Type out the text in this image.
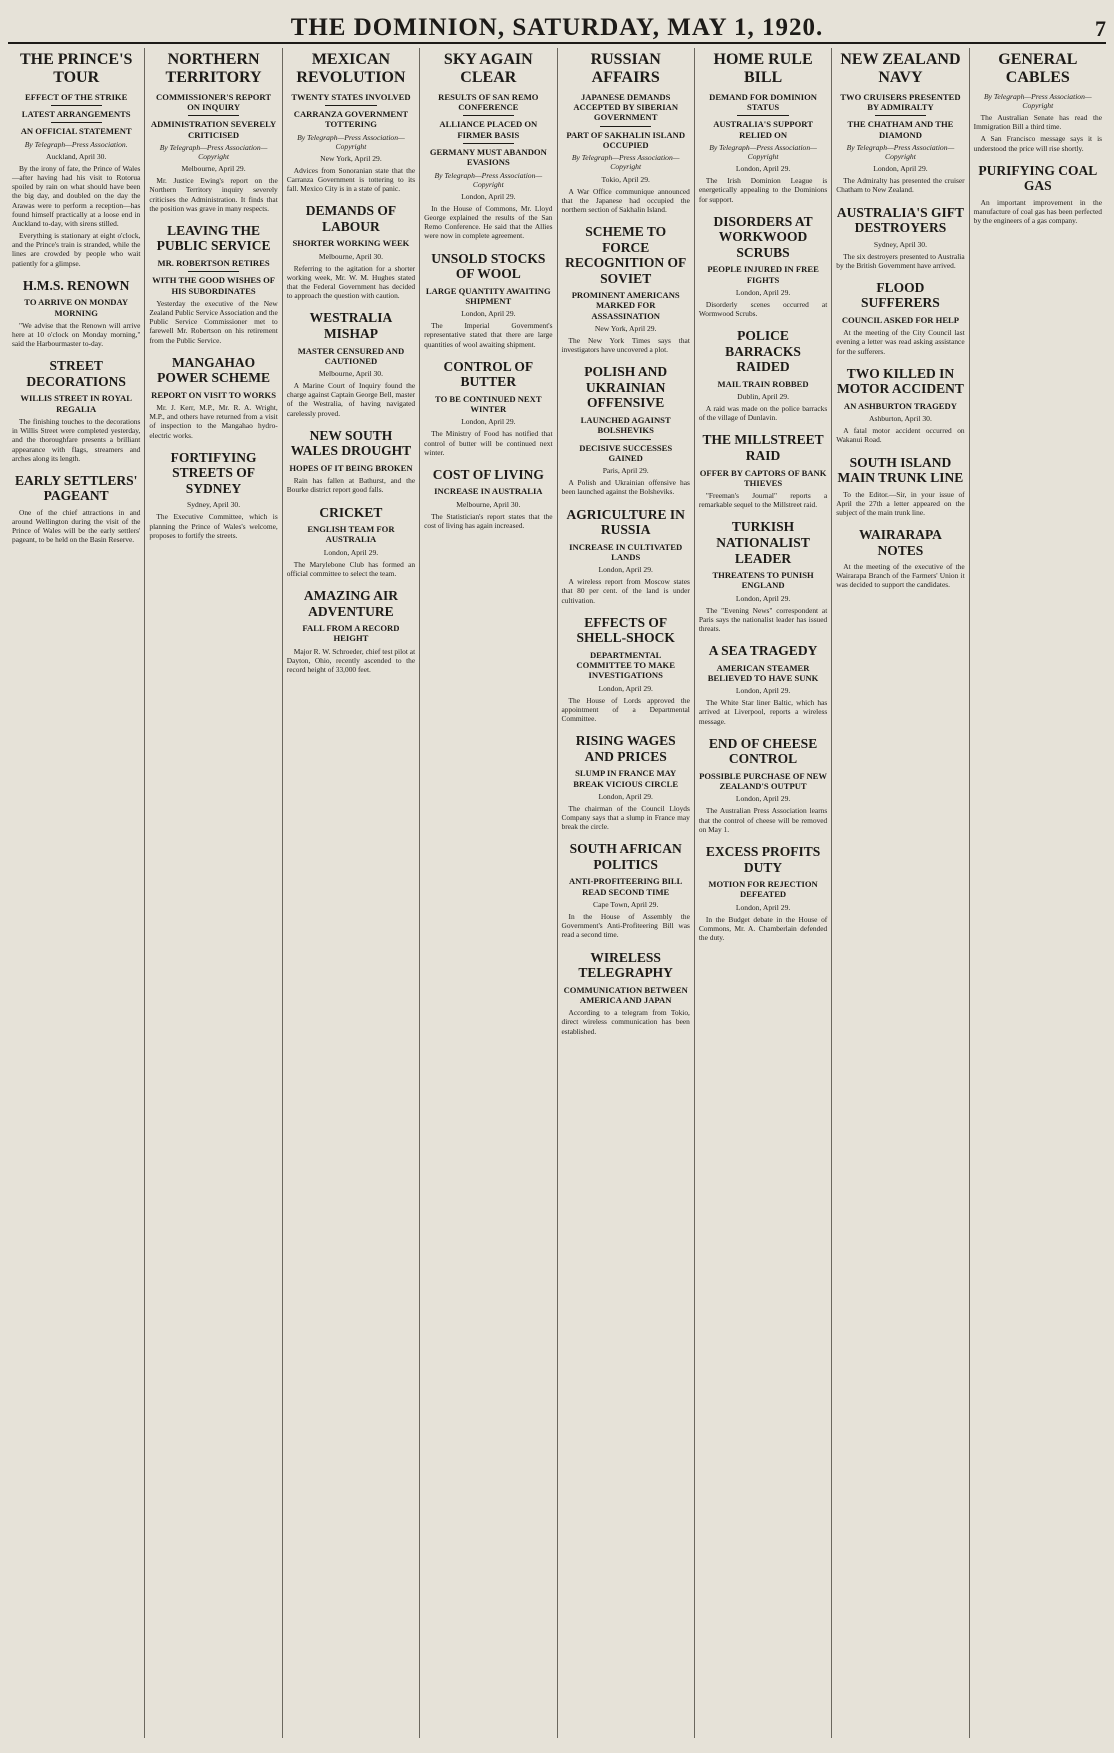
THE DOMINION, SATURDAY, MAY 1, 1920.	7
THE PRINCE'S TOUR
EFFECT OF THE STRIKE
LATEST ARRANGEMENTS
AN OFFICIAL STATEMENT
By Telegraph—Press Association.
Auckland, April 30.

By the irony of fate, the Prince of Wales—after having had his visit to Rotorua spoiled by rain on what should have been the big day, and doubled on the day the Arawas were to perform a reception—has found himself practically at a loose end in Auckland to-day, with sirens stilled.

Everything is stationary at eight o'clock, and the Prince's train is stranded, while the lines are crowded by people who wait patiently for a glimpse.

H.M.S. RENOWN
TO ARRIVE ON MONDAY MORNING

"We advise that the Renown will arrive here at 10 o'clock on Monday morning," said the Harbourmaster to-day.

STREET DECORATIONS
WILLIS STREET IN ROYAL REGALIA

The finishing touches to the decorations in Willis Street were completed yesterday, and the thoroughfare presents a brilliant appearance with flags, streamers and arches along its length.

EARLY SETTLERS' PAGEANT

One of the chief attractions in and around Wellington during the visit of the Prince of Wales will be the early settlers' pageant, to be held on the Basin Reserve.

NORTHERN TERRITORY
COMMISSIONER'S REPORT ON INQUIRY
ADMINISTRATION SEVERELY CRITICISED
By Telegraph—Press Association—Copyright
Melbourne, April 29.

Mr. Justice Ewing's report on the Northern Territory inquiry severely criticises the Administration. It finds that the position was grave in many respects.

LEAVING THE PUBLIC SERVICE
MR. ROBERTSON RETIRES
WITH THE GOOD WISHES OF HIS SUBORDINATES

Yesterday the executive of the New Zealand Public Service Association and the Public Service Commissioner met to farewell Mr. Robertson on his retirement from the Public Service.

MANGAHAO POWER SCHEME
REPORT ON VISIT TO WORKS

Mr. J. Kerr, M.P., Mr. R. A. Wright, M.P., and others have returned from a visit of inspection to the Mangahao hydro-electric works.

FORTIFYING STREETS OF SYDNEY
Sydney, April 30.

The Executive Committee, which is planning the Prince of Wales's welcome, proposes to fortify the streets.

MEXICAN REVOLUTION
TWENTY STATES INVOLVED
CARRANZA GOVERNMENT TOTTERING
By Telegraph—Press Association—Copyright
New York, April 29.

Advices from Sonoranian state that the Carranza Government is tottering to its fall. Mexico City is in a state of panic.

DEMANDS OF LABOUR
SHORTER WORKING WEEK
Melbourne, April 30.

Referring to the agitation for a shorter working week, Mr. W. M. Hughes stated that the Federal Government has decided to approach the question with caution.

WESTRALIA MISHAP
MASTER CENSURED AND CAUTIONED
Melbourne, April 30.

A Marine Court of Inquiry found the charge against Captain George Bell, master of the Westralia, of having navigated carelessly proved.

NEW SOUTH WALES DROUGHT
HOPES OF IT BEING BROKEN

Rain has fallen at Bathurst, and the Bourke district report good falls.

CRICKET
ENGLISH TEAM FOR AUSTRALIA
London, April 29.

The Marylebone Club has formed an official committee to select the team.

AMAZING AIR ADVENTURE
FALL FROM A RECORD HEIGHT

Major R. W. Schroeder, chief test pilot at Dayton, Ohio, recently ascended to the record height of 33,000 feet.

SKY AGAIN CLEAR
RESULTS OF SAN REMO CONFERENCE
ALLIANCE PLACED ON FIRMER BASIS
GERMANY MUST ABANDON EVASIONS
By Telegraph—Press Association—Copyright
London, April 29.

In the House of Commons, Mr. Lloyd George explained the results of the San Remo Conference. He said that the Allies were now in complete agreement.

UNSOLD STOCKS OF WOOL
LARGE QUANTITY AWAITING SHIPMENT
London, April 29.

The Imperial Government's representative stated that there are large quantities of wool awaiting shipment.

CONTROL OF BUTTER
TO BE CONTINUED NEXT WINTER
London, April 29.

The Ministry of Food has notified that control of butter will be continued next winter.

COST OF LIVING
INCREASE IN AUSTRALIA
Melbourne, April 30.

The Statistician's report states that the cost of living has again increased.

RUSSIAN AFFAIRS
JAPANESE DEMANDS ACCEPTED BY SIBERIAN GOVERNMENT
PART OF SAKHALIN ISLAND OCCUPIED
By Telegraph—Press Association—Copyright
Tokio, April 29.

A War Office communique announced that the Japanese had occupied the northern section of Sakhalin Island.

SCHEME TO FORCE RECOGNITION OF SOVIET
PROMINENT AMERICANS MARKED FOR ASSASSINATION
New York, April 29.

The New York Times says that investigators have uncovered a plot.

POLISH AND UKRAINIAN OFFENSIVE
LAUNCHED AGAINST BOLSHEVIKS
DECISIVE SUCCESSES GAINED
Paris, April 29.

A Polish and Ukrainian offensive has been launched against the Bolsheviks.

AGRICULTURE IN RUSSIA
INCREASE IN CULTIVATED LANDS
London, April 29.

A wireless report from Moscow states that 80 per cent. of the land is under cultivation.

EFFECTS OF SHELL-SHOCK
DEPARTMENTAL COMMITTEE TO MAKE INVESTIGATIONS
London, April 29.

The House of Lords approved the appointment of a Departmental Committee.

RISING WAGES AND PRICES
SLUMP IN FRANCE MAY BREAK VICIOUS CIRCLE
London, April 29.

The chairman of the Council Lloyds Company says that a slump in France may break the circle.

SOUTH AFRICAN POLITICS
ANTI-PROFITEERING BILL READ SECOND TIME
Cape Town, April 29.

In the House of Assembly the Government's Anti-Profiteering Bill was read a second time.

WIRELESS TELEGRAPHY
COMMUNICATION BETWEEN AMERICA AND JAPAN

According to a telegram from Tokio, direct wireless communication has been established.

HOME RULE BILL
DEMAND FOR DOMINION STATUS
AUSTRALIA'S SUPPORT RELIED ON
By Telegraph—Press Association—Copyright
London, April 29.

The Irish Dominion League is energetically appealing to the Dominions for support.

DISORDERS AT WORKWOOD SCRUBS
PEOPLE INJURED IN FREE FIGHTS
London, April 29.

Disorderly scenes occurred at Wormwood Scrubs.

POLICE BARRACKS RAIDED
MAIL TRAIN ROBBED
Dublin, April 29.

A raid was made on the police barracks of the village of Dunlavin.

THE MILLSTREET RAID
OFFER BY CAPTORS OF BANK THIEVES

"Freeman's Journal" reports a remarkable sequel to the Millstreet raid.

TURKISH NATIONALIST LEADER
THREATENS TO PUNISH ENGLAND
London, April 29.

The "Evening News" correspondent at Paris says the nationalist leader has issued threats.

A SEA TRAGEDY
AMERICAN STEAMER BELIEVED TO HAVE SUNK
London, April 29.

The White Star liner Baltic, which has arrived at Liverpool, reports a wireless message.

END OF CHEESE CONTROL
POSSIBLE PURCHASE OF NEW ZEALAND'S OUTPUT
London, April 29.

The Australian Press Association learns that the control of cheese will be removed on May 1.

EXCESS PROFITS DUTY
MOTION FOR REJECTION DEFEATED
London, April 29.

In the Budget debate in the House of Commons, Mr. A. Chamberlain defended the duty.

NEW ZEALAND NAVY
TWO CRUISERS PRESENTED BY ADMIRALTY
THE CHATHAM AND THE DIAMOND
By Telegraph—Press Association—Copyright
London, April 29.

The Admiralty has presented the cruiser Chatham to New Zealand.

AUSTRALIA'S GIFT DESTROYERS
Sydney, April 30.

The six destroyers presented to Australia by the British Government have arrived.

FLOOD SUFFERERS
COUNCIL ASKED FOR HELP

At the meeting of the City Council last evening a letter was read asking assistance for the sufferers.

TWO KILLED IN MOTOR ACCIDENT
AN ASHBURTON TRAGEDY
Ashburton, April 30.

A fatal motor accident occurred on Wakanui Road.

SOUTH ISLAND MAIN TRUNK LINE

To the Editor.—Sir, in your issue of April the 27th a letter appeared on the subject of the main trunk line.

WAIRARAPA NOTES

At the meeting of the executive of the Wairarapa Branch of the Farmers' Union it was decided to support the candidates.

GENERAL CABLES
By Telegraph—Press Association—Copyright

The Australian Senate has read the Immigration Bill a third time.

A San Francisco message says it is understood the price will rise shortly.

PURIFYING COAL GAS

An important improvement in the manufacture of coal gas has been perfected by the engineers of a gas company.
